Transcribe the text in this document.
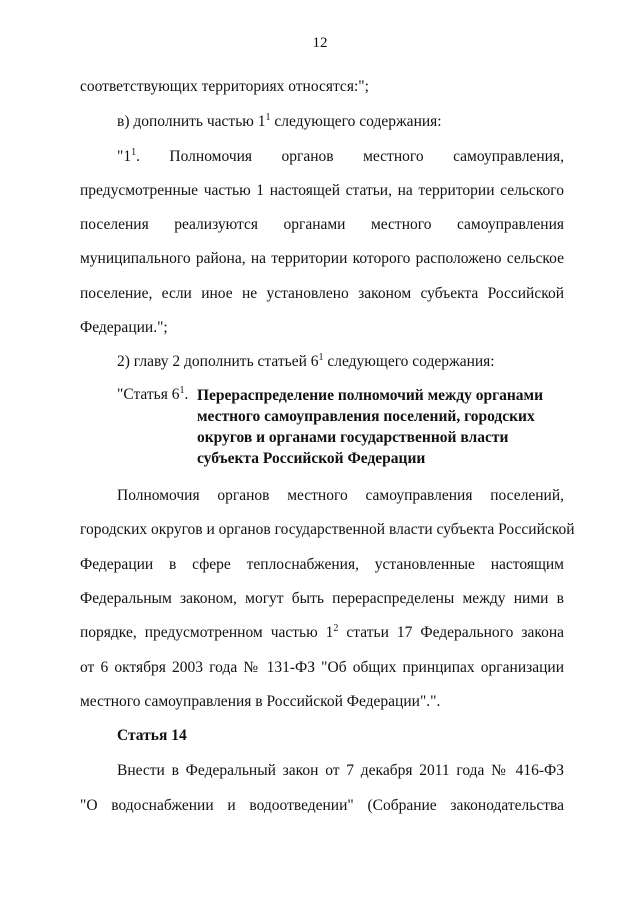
12
соответствующих территориях относятся:";
в) дополнить частью $1^1$ следующего содержания:
"$1^1$. Полномочия органов местного самоуправления,
предусмотренные частью 1 настоящей статьи, на территории сельского
поселения реализуются органами местного самоуправления
муниципального района, на территории которого расположено сельское
поселение, если иное не установлено законом субъекта Российской
Федерации.";
2) главу 2 дополнить статьей $6^1$ следующего содержания:
"Статья $6^1$. Перераспределение полномочий между органами местного самоуправления поселений, городских округов и органами государственной власти субъекта Российской Федерации
Полномочия органов местного самоуправления поселений,
городских округов и органов государственной власти субъекта Российской
Федерации в сфере теплоснабжения, установленные настоящим
Федеральным законом, могут быть перераспределены между ними в
порядке, предусмотренном частью $1^2$ статьи 17 Федерального закона
от 6 октября 2003 года № 131-ФЗ "Об общих принципах организации
местного самоуправления в Российской Федерации".".
Статья 14
Внести в Федеральный закон от 7 декабря 2011 года № 416-ФЗ
"О водоснабжении и водоотведении" (Собрание законодательства
